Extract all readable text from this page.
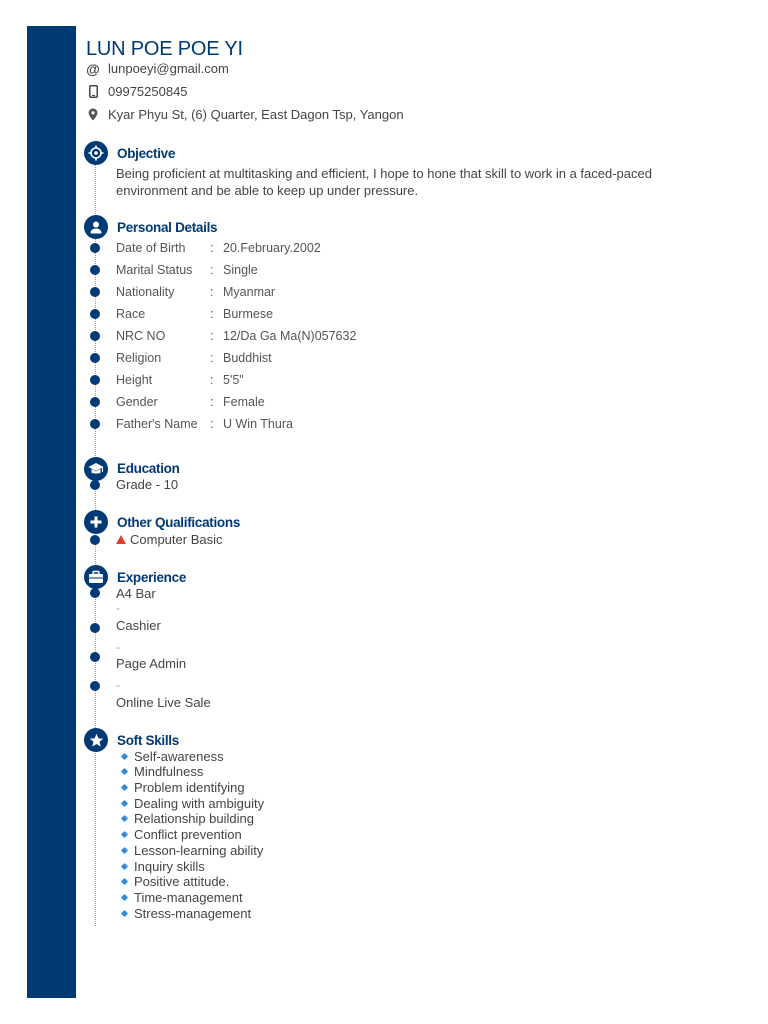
LUN POE POE YI
@ lunpoeyi@gmail.com
09975250845
Kyar Phyu St, (6) Quarter, East Dagon Tsp, Yangon
Objective
Being proficient at multitasking and efficient, I hope to hone that skill to work in a faced-paced
environment and be able to keep up under pressure.
Personal Details
Date of Birth : 20.February.2002
Marital Status : Single
Nationality	: Myanmar
Race	: Burmese
NRC NO	: 12/Da Ga Ma(N)057632
Religion	: Buddhist
Height	: 5'5"
Gender	: Female
Father's Name : U Win Thura
Education
Grade - 10
Other Qualifications
Computer Basic
Experience
A4 Bar
-
Cashier
-
Page Admin
-
Online Live Sale
Soft Skills
Self-awareness
Mindfulness
Problem identifying
Dealing with ambiguity
Relationship building
Conflict prevention
Lesson-learning ability
Inquiry skills
Positive attitude.
Time-management
Stress-management
